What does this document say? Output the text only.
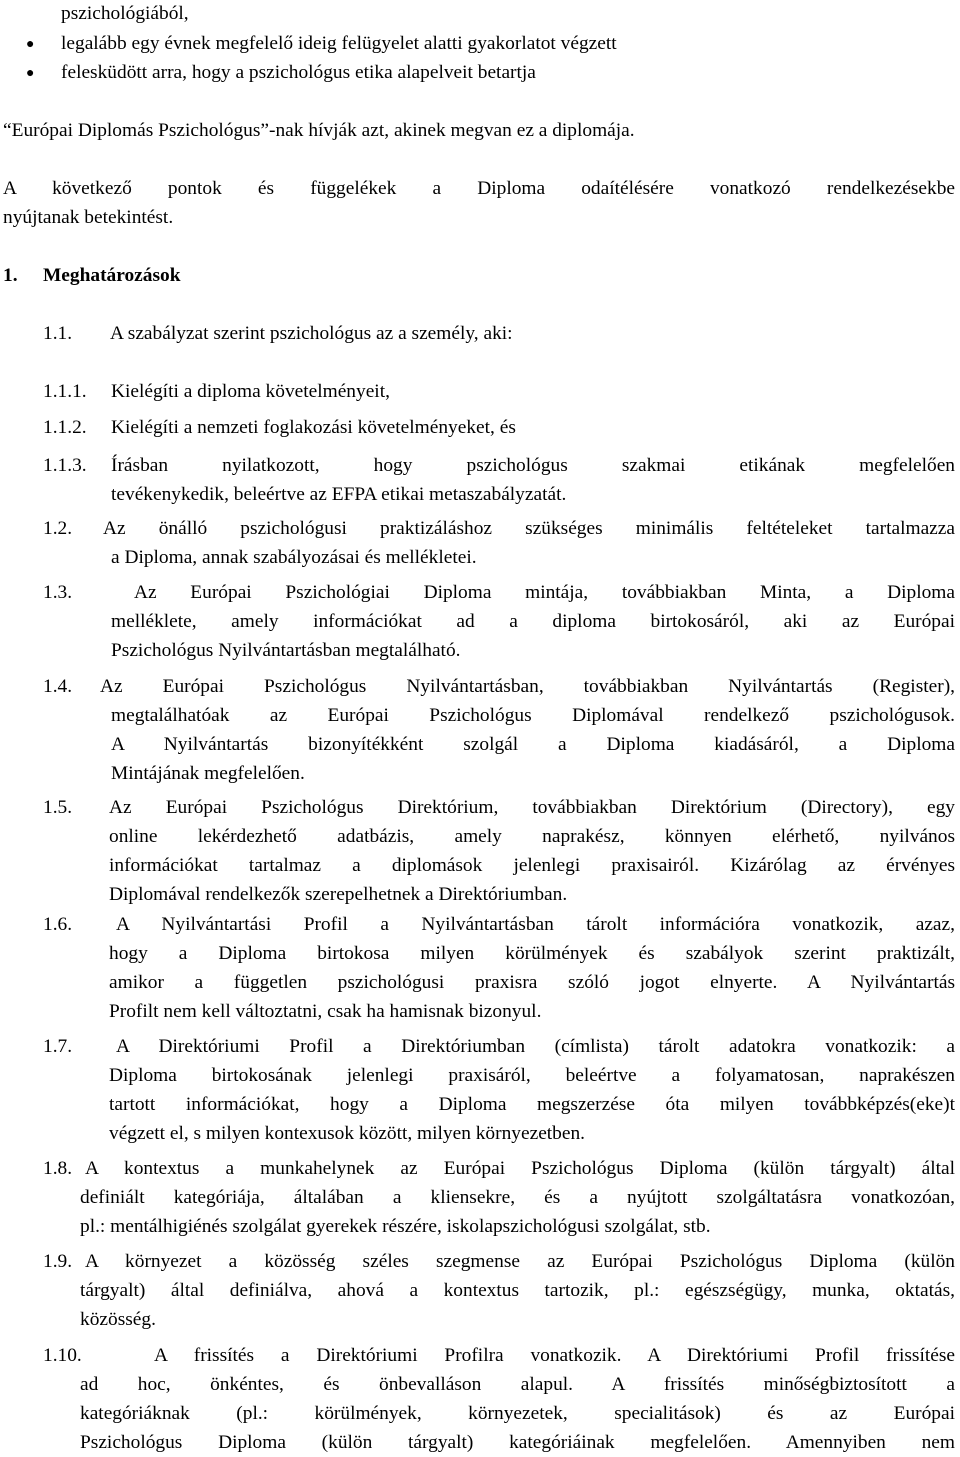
pszichológiából,
● legalább egy évnek megfelelő ideig felügyelet alatti gyakorlatot végzett
● felesküdött arra, hogy a pszichológus etika alapelveit betartja
“Európai Diplomás Pszichológus”-nak hívják azt, akinek megvan ez a diplomája.
A következő pontok és függelékek a Diploma odaítélésére vonatkozó rendelkezésekbe
nyújtanak betekintést.
1. Meghatározások
1.1. A szabályzat szerint pszichológus az a személy, aki:
1.1.1. Kielégíti a diploma követelményeit,
1.1.2. Kielégíti a nemzeti foglakozási követelményeket, és
1.1.3. Írásban nyilatkozott, hogy pszichológus szakmai etikának megfelelően
tevékenykedik, beleértve az EFPA etikai metaszabályzatát.
1.2. Az önálló pszichológusi praktizáláshoz szükséges minimális feltételeket tartalmazza
a Diploma, annak szabályozásai és mellékletei.
1.3.	Az Európai Pszichológiai Diploma mintája, továbbiakban Minta, a Diploma
melléklete, amely információkat ad a diploma birtokosáról, aki az Európai
Pszichológus Nyilvántartásban megtalálható.
1.4. Az Európai Pszichológus Nyilvántartásban, továbbiakban Nyilvántartás (Register),
megtalálhatóak az Európai Pszichológus Diplomával rendelkező pszichológusok.
A Nyilvántartás bizonyítékként szolgál a Diploma kiadásáról, a Diploma
Mintájának megfelelően.
1.5. Az Európai Pszichológus Direktórium, továbbiakban Direktórium (Directory), egy
online lekérdezhető adatbázis, amely naprakész, könnyen elérhető, nyilvános
információkat tartalmaz a diplomások jelenlegi praxisairól. Kizárólag az érvényes
Diplomával rendelkezők szerepelhetnek a Direktóriumban.
1.6. A Nyilvántartási Profil a Nyilvántartásban tárolt információra vonatkozik, azaz,
hogy a Diploma birtokosa milyen körülmények és szabályok szerint praktizált,
amikor a független pszichológusi praxisra szóló jogot elnyerte. A Nyilvántartás
Profilt nem kell változtatni, csak ha hamisnak bizonyul.
1.7. A Direktóriumi Profil a Direktóriumban (címlista) tárolt adatokra vonatkozik: a
Diploma birtokosának jelenlegi praxisáról, beleértve a folyamatosan, naprakészen
tartott információkat, hogy a Diploma megszerzése óta milyen továbbképzés(eke)t
végzett el, s milyen kontexusok között, milyen környezetben.
1.8. A kontextus a munkahelynek az Európai Pszichológus Diploma (külön tárgyalt) által
definiált kategóriája, általában a kliensekre, és a nyújtott szolgáltatásra vonatkozóan,
pl.: mentálhigiénés szolgálat gyerekek részére, iskolapszichológusi szolgálat, stb.
1.9. A környezet a közösség széles szegmense az Európai Pszichológus Diploma (külön
tárgyalt) által definiálva, ahová a kontextus tartozik, pl.: egészségügy, munka, oktatás,
közösség.
1.10.	A frissítés a Direktóriumi Profilra vonatkozik. A Direktóriumi Profil frissítése
ad hoc, önkéntes, és önbevalláson alapul. A frissítés minőségbiztosított a
kategóriáknak (pl.: körülmények, környezetek, specialitások) és az Európai
Pszichológus Diploma (külön tárgyalt) kategóriáinak megfelelően. Amennyiben nem
